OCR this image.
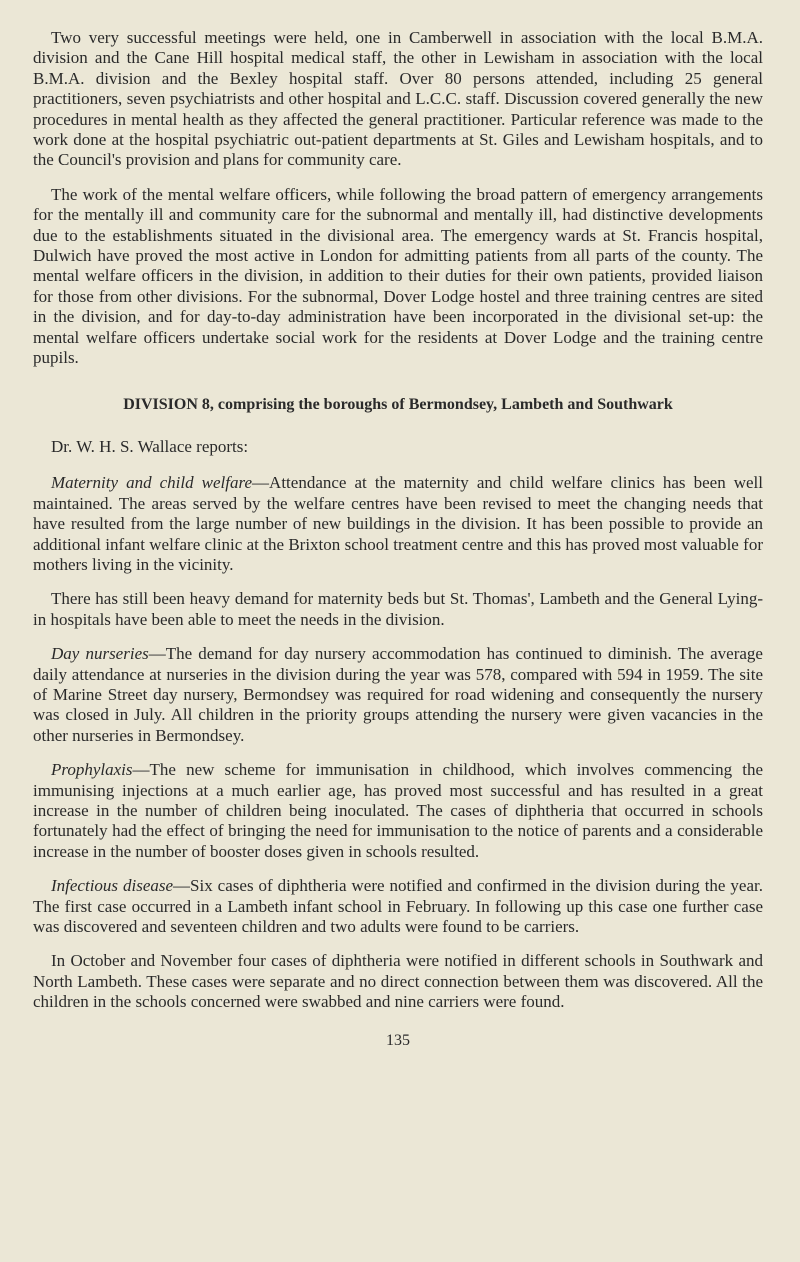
Two very successful meetings were held, one in Camberwell in association with the local B.M.A. division and the Cane Hill hospital medical staff, the other in Lewisham in association with the local B.M.A. division and the Bexley hospital staff. Over 80 persons attended, including 25 general practitioners, seven psychiatrists and other hospital and L.C.C. staff. Discussion covered generally the new procedures in mental health as they affected the general practitioner. Particular reference was made to the work done at the hospital psychiatric out-patient departments at St. Giles and Lewisham hospitals, and to the Council's provision and plans for community care.

The work of the mental welfare officers, while following the broad pattern of emergency arrangements for the mentally ill and community care for the subnormal and mentally ill, had distinctive developments due to the establishments situated in the divisional area. The emergency wards at St. Francis hospital, Dulwich have proved the most active in London for admitting patients from all parts of the county. The mental welfare officers in the division, in addition to their duties for their own patients, provided liaison for those from other divisions. For the subnormal, Dover Lodge hostel and three training centres are sited in the division, and for day-to-day administration have been incorporated in the divisional set-up: the mental welfare officers undertake social work for the residents at Dover Lodge and the training centre pupils.

DIVISION 8, comprising the boroughs of Bermondsey, Lambeth and Southwark

Dr. W. H. S. Wallace reports:

Maternity and child welfare—Attendance at the maternity and child welfare clinics has been well maintained. The areas served by the welfare centres have been revised to meet the changing needs that have resulted from the large number of new buildings in the division. It has been possible to provide an additional infant welfare clinic at the Brixton school treatment centre and this has proved most valuable for mothers living in the vicinity.

There has still been heavy demand for maternity beds but St. Thomas', Lambeth and the General Lying-in hospitals have been able to meet the needs in the division.

Day nurseries—The demand for day nursery accommodation has continued to diminish. The average daily attendance at nurseries in the division during the year was 578, compared with 594 in 1959. The site of Marine Street day nursery, Bermondsey was required for road widening and consequently the nursery was closed in July. All children in the priority groups attending the nursery were given vacancies in the other nurseries in Bermondsey.

Prophylaxis—The new scheme for immunisation in childhood, which involves commencing the immunising injections at a much earlier age, has proved most successful and has resulted in a great increase in the number of children being inoculated. The cases of diphtheria that occurred in schools fortunately had the effect of bringing the need for immunisation to the notice of parents and a considerable increase in the number of booster doses given in schools resulted.

Infectious disease—Six cases of diphtheria were notified and confirmed in the division during the year. The first case occurred in a Lambeth infant school in February. In following up this case one further case was discovered and seventeen children and two adults were found to be carriers.

In October and November four cases of diphtheria were notified in different schools in Southwark and North Lambeth. These cases were separate and no direct connection between them was discovered. All the children in the schools concerned were swabbed and nine carriers were found.

135
